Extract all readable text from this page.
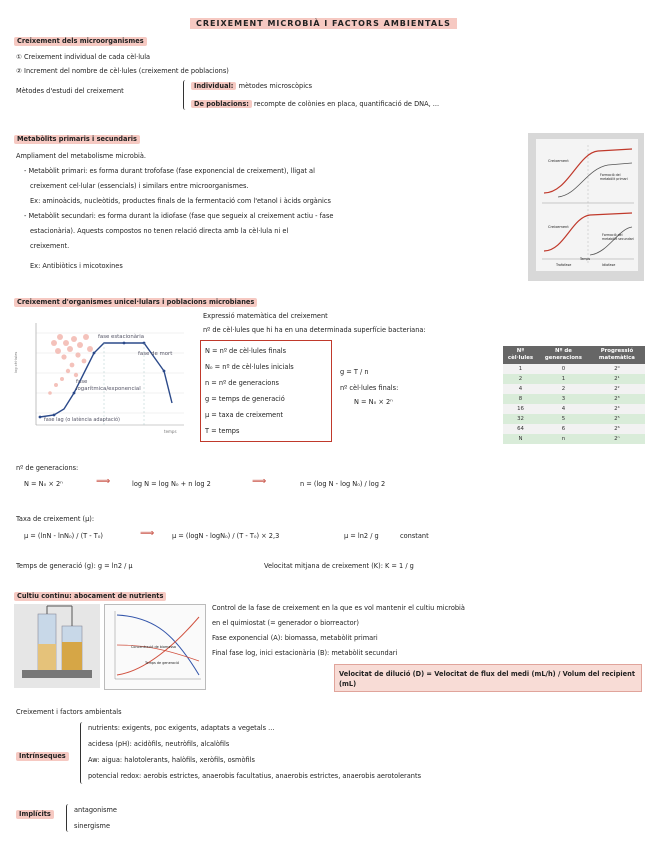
CREIXEMENT MICROBIÀ I FACTORS AMBIENTALS
Creixement dels microorganismes
① Creixement individual de cada cèl·lula
② Increment del nombre de cèl·lules (creixement de poblacions)
Mètodes d'estudi del creixement
Individual: mètodes microscòpics
De poblacions: recompte de colònies en placa, quantificació de DNA, ...
Metabòlits primaris i secundaris
Ampliament del metabolisme microbià.
- Metabòlit primari: es forma durant trofofase (fase exponencial de creixement), lligat al
creixement cel·lular (essencials) i similars entre microorganismes.
Ex: aminoàcids, nucleòtids, productes finals de la fermentació com l'etanol i àcids orgànics
- Metabòlit secundari: es forma durant la idiofase (fase que segueix al creixement actiu - fase
estacionària). Aquests compostos no tenen relació directa amb la cèl·lula ni el
creixement.
Ex: Antibiòtics i micotoxines
Creixement
Formació del metabòlit primari
Creixement
Formació del metabòlit secundari
Trofofase	Idiofase
Temps
Creixement d'organismes unicel·lulars i poblacions microbianes
fase estacionària
fase de mort
fase logarítmica/exponencial
fase lag (o latència adaptació)
temps
log cèl·lules
Expressió matemàtica del creixement
nº de cèl·lules que hi ha en una determinada superfície bacteriana:
N = nº de cèl·lules finals
N₀ = nº de cèl·lules inicials
n = nº de generacions
g = temps de generació
μ = taxa de creixement
T = temps
g = T / n
nº cèl·lules finals:
N = N₀ × 2ⁿ
Nº cèl·lules	Nº de generacions	Progressió matemàtica
1	0	2⁰
2	1	2¹
4	2	2²
8	3	2³
16	4	2⁴
32	5	2⁵
64	6	2⁶
N	n	2ⁿ
nº de generacions:
N = N₀ × 2ⁿ	⟹	log N = log N₀ + n log 2	⟹	n = (log N - log N₀) / log 2
Taxa de creixement (μ):
μ = (lnN - lnN₀) / (T - T₀)	⟹	μ = (logN - logN₀) / (T - T₀) × 2,3	μ = ln2 / g	constant
Temps de generació (g): g = ln2 / μ	Velocitat mitjana de creixement (K): K = 1 / g
Cultiu continu: abocament de nutrients
Concentració de biomassa
Temps de generació
Control de la fase de creixement en la que es vol mantenir el cultiu microbià
en el quimiostat (= generador o biorreactor)
Fase exponencial (A): biomassa, metabòlit primari
Final fase log, inici estacionària (B): metabòlit secundari
Velocitat de dilució (D) = Velocitat de flux del medi (mL/h) / Volum del recipient (mL)
Creixement i factors ambientals
Intrínseques
nutrients: exigents, poc exigents, adaptats a vegetals ...
acidesa (pH): acidòfils, neutròfils, alcalòfils
Aw: aigua: halotolerants, halòfils, xeròfils, osmòfils
potencial redox: aerobis estrictes, anaerobis facultatius, anaerobis estrictes, anaerobis aerotolerants
Implícits	antagonisme
sinergisme
